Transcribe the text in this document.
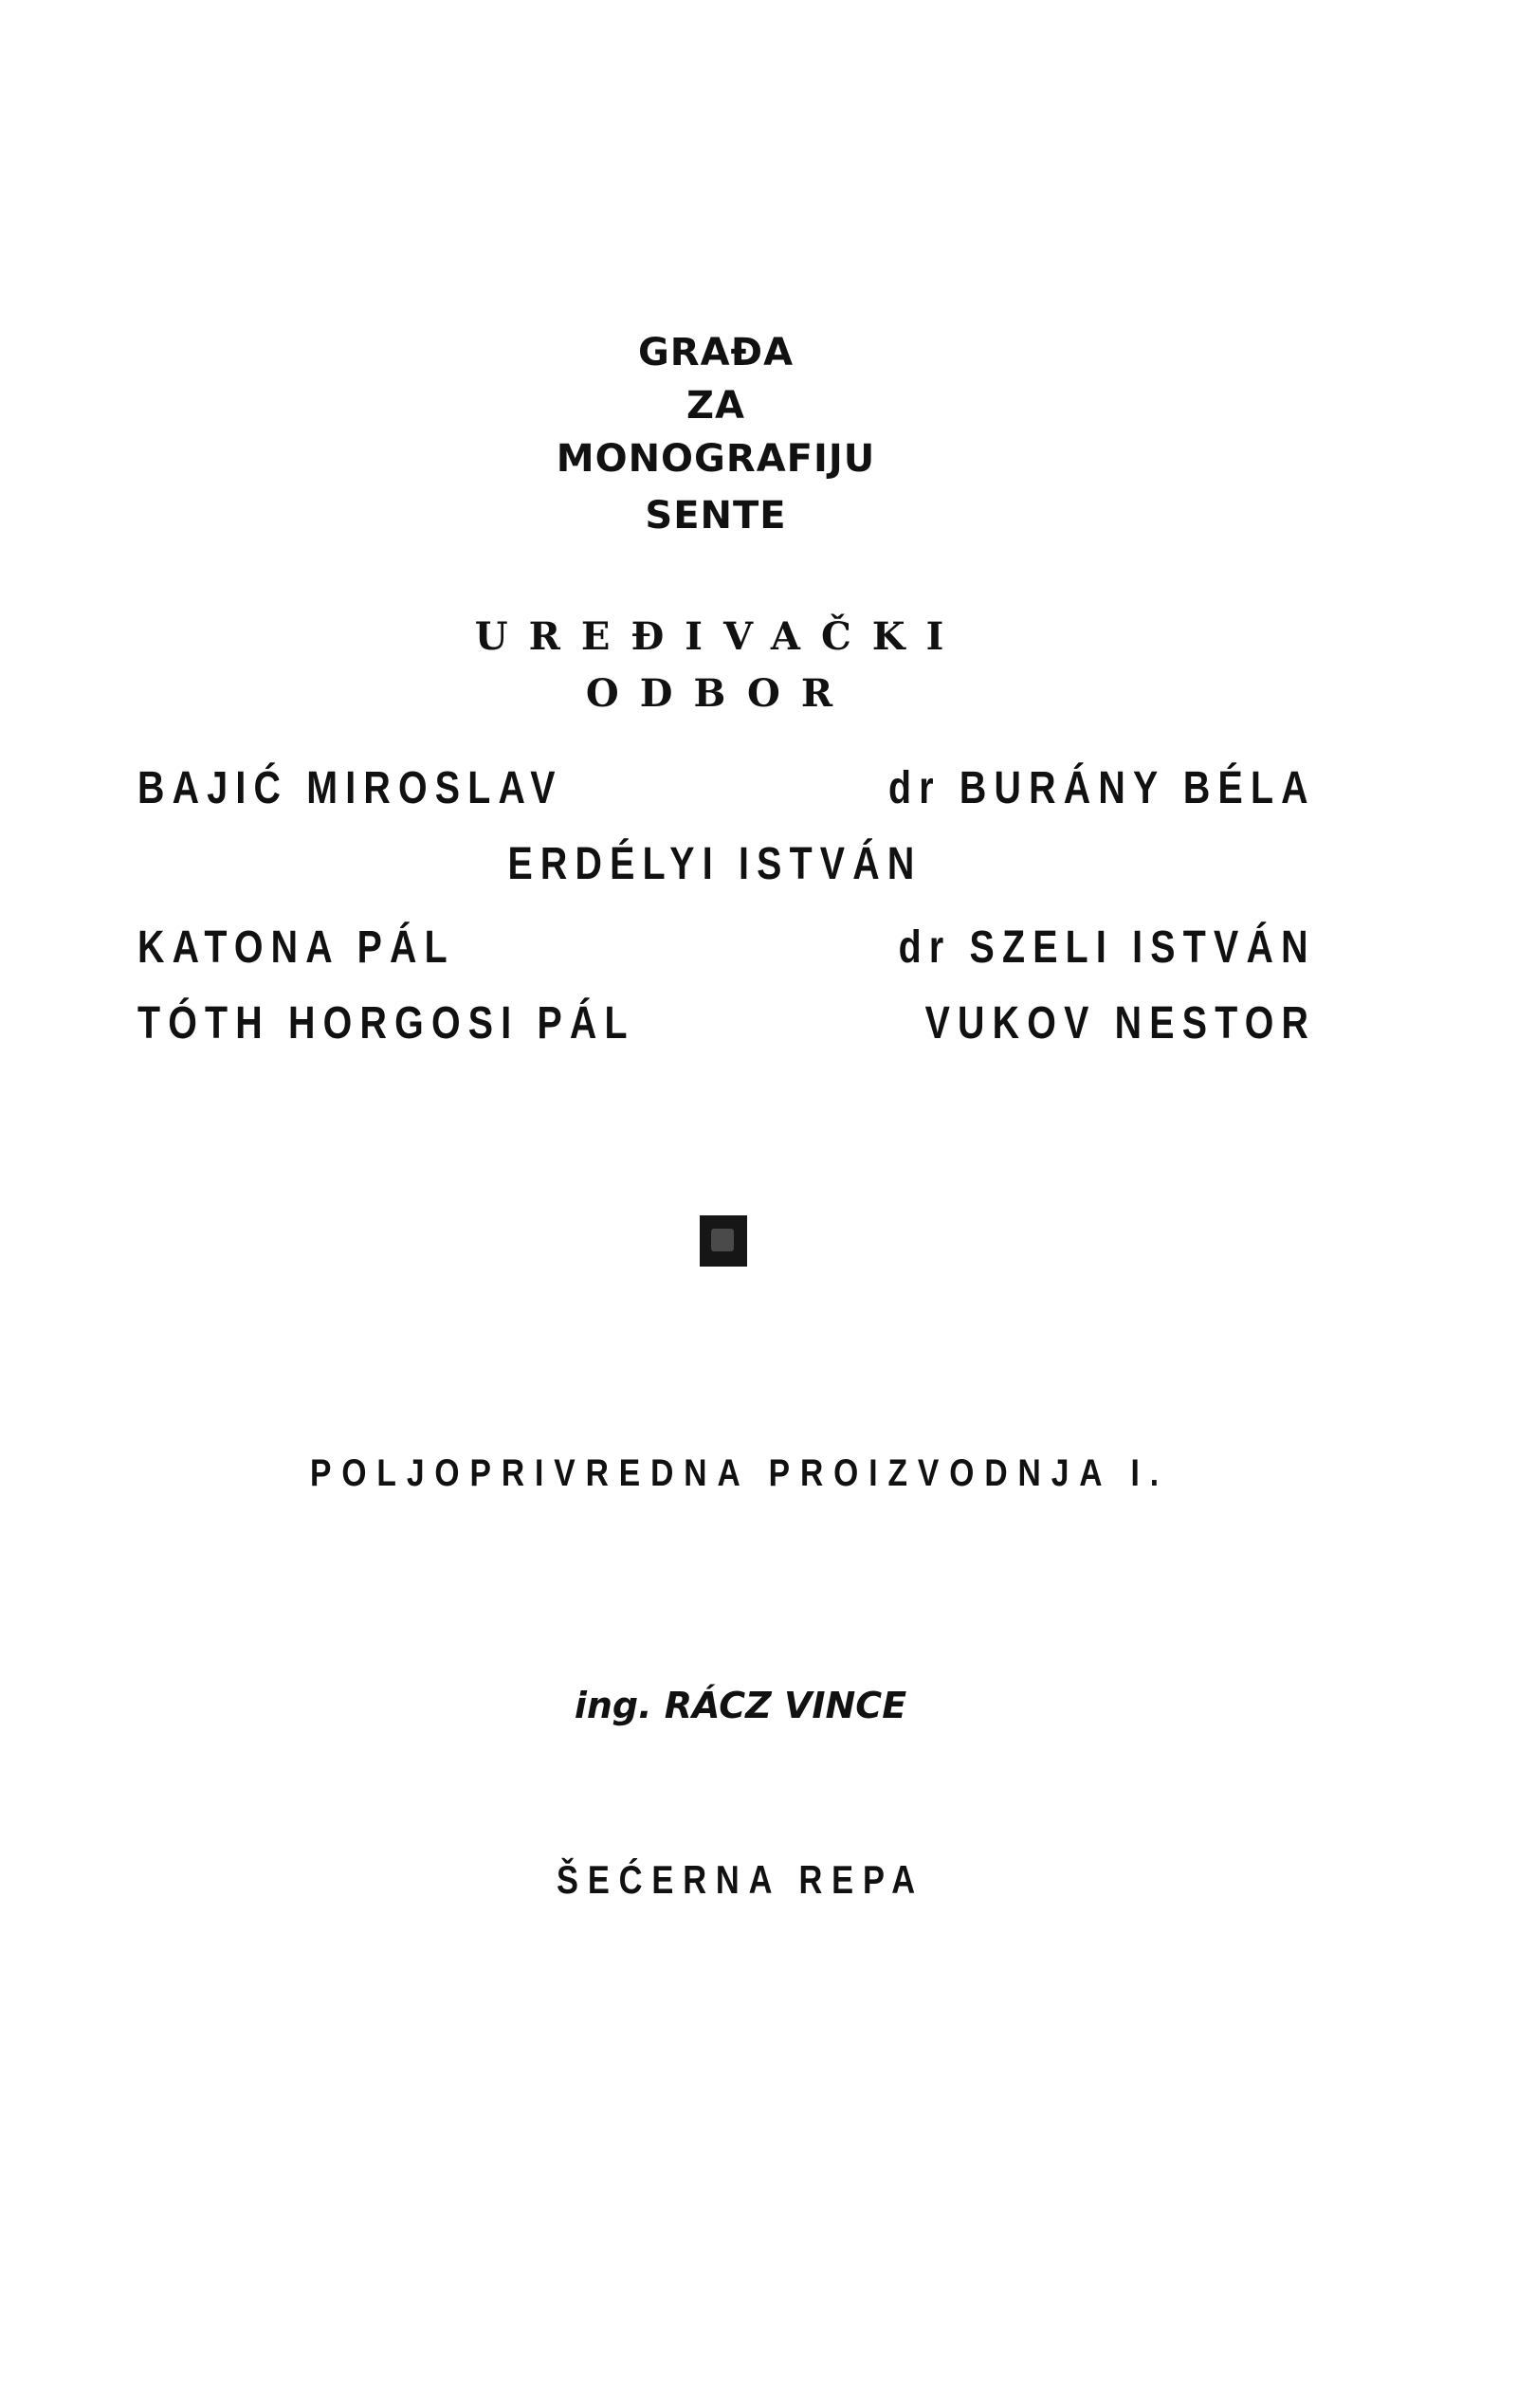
GRAĐA
ZA
MONOGRAFIJU
SENTE
UREĐIVAČKI
ODBOR
BAJIĆ MIROSLAV	dr BURÁNY BÉLA
ERDÉLYI ISTVÁN
KATONA PÁL	dr SZELI ISTVÁN
TÓTH HORGOSI PÁL	VUKOV NESTOR
POLJOPRIVREDNA PROIZVODNJA I.
ing. RÁCZ VINCE
ŠEĆERNA REPA
